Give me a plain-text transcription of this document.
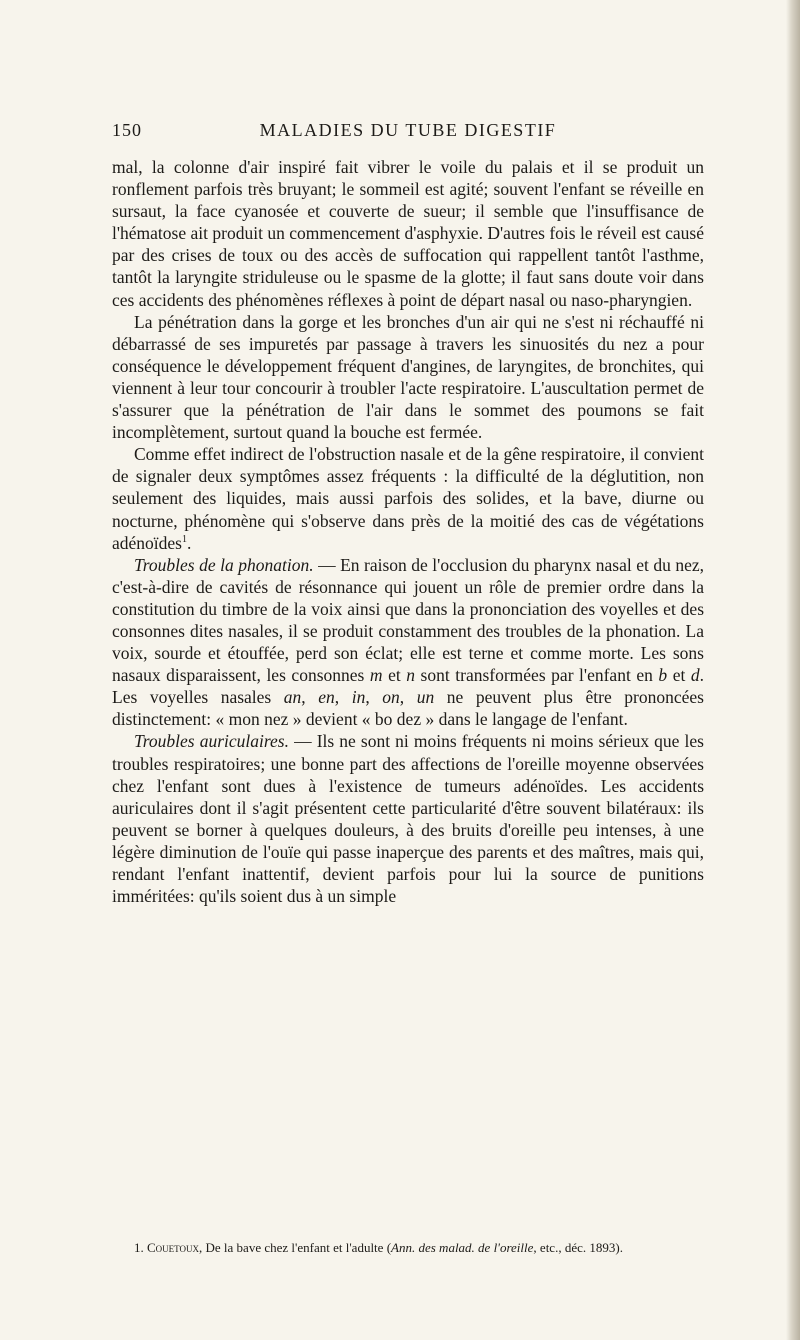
150	MALADIES DU TUBE DIGESTIF

mal, la colonne d'air inspiré fait vibrer le voile du palais et il se produit un ronflement parfois très bruyant; le sommeil est agité; souvent l'enfant se réveille en sursaut, la face cyanosée et couverte de sueur; il semble que l'insuffisance de l'hématose ait produit un commencement d'asphyxie. D'autres fois le réveil est causé par des crises de toux ou des accès de suffocation qui rappellent tantôt l'asthme, tantôt la laryngite striduleuse ou le spasme de la glotte; il faut sans doute voir dans ces accidents des phénomènes réflexes à point de départ nasal ou naso-pharyngien.

La pénétration dans la gorge et les bronches d'un air qui ne s'est ni réchauffé ni débarrassé de ses impuretés par passage à travers les sinuosités du nez a pour conséquence le développement fréquent d'angines, de laryngites, de bronchites, qui viennent à leur tour concourir à troubler l'acte respiratoire. L'auscultation permet de s'assurer que la pénétration de l'air dans le sommet des poumons se fait incomplètement, surtout quand la bouche est fermée.

Comme effet indirect de l'obstruction nasale et de la gêne respiratoire, il convient de signaler deux symptômes assez fréquents : la difficulté de la déglutition, non seulement des liquides, mais aussi parfois des solides, et la bave, diurne ou nocturne, phénomène qui s'observe dans près de la moitié des cas de végétations adénoïdes$^1$.

Troubles de la phonation. — En raison de l'occlusion du pharynx nasal et du nez, c'est-à-dire de cavités de résonnance qui jouent un rôle de premier ordre dans la constitution du timbre de la voix ainsi que dans la prononciation des voyelles et des consonnes dites nasales, il se produit constamment des troubles de la phonation. La voix, sourde et étouffée, perd son éclat; elle est terne et comme morte. Les sons nasaux disparaissent, les consonnes m et n sont transformées par l'enfant en b et d. Les voyelles nasales an, en, in, on, un ne peuvent plus être prononcées distinctement: « mon nez » devient « bo dez » dans le langage de l'enfant.

Troubles auriculaires. — Ils ne sont ni moins fréquents ni moins sérieux que les troubles respiratoires; une bonne part des affections de l'oreille moyenne observées chez l'enfant sont dues à l'existence de tumeurs adénoïdes. Les accidents auriculaires dont il s'agit présentent cette particularité d'être souvent bilatéraux: ils peuvent se borner à quelques douleurs, à des bruits d'oreille peu intenses, à une légère diminution de l'ouïe qui passe inaperçue des parents et des maîtres, mais qui, rendant l'enfant inattentif, devient parfois pour lui la source de punitions imméritées: qu'ils soient dus à un simple

1. Couetoux, De la bave chez l'enfant et l'adulte (Ann. des malad. de l'oreille, etc., déc. 1893).
